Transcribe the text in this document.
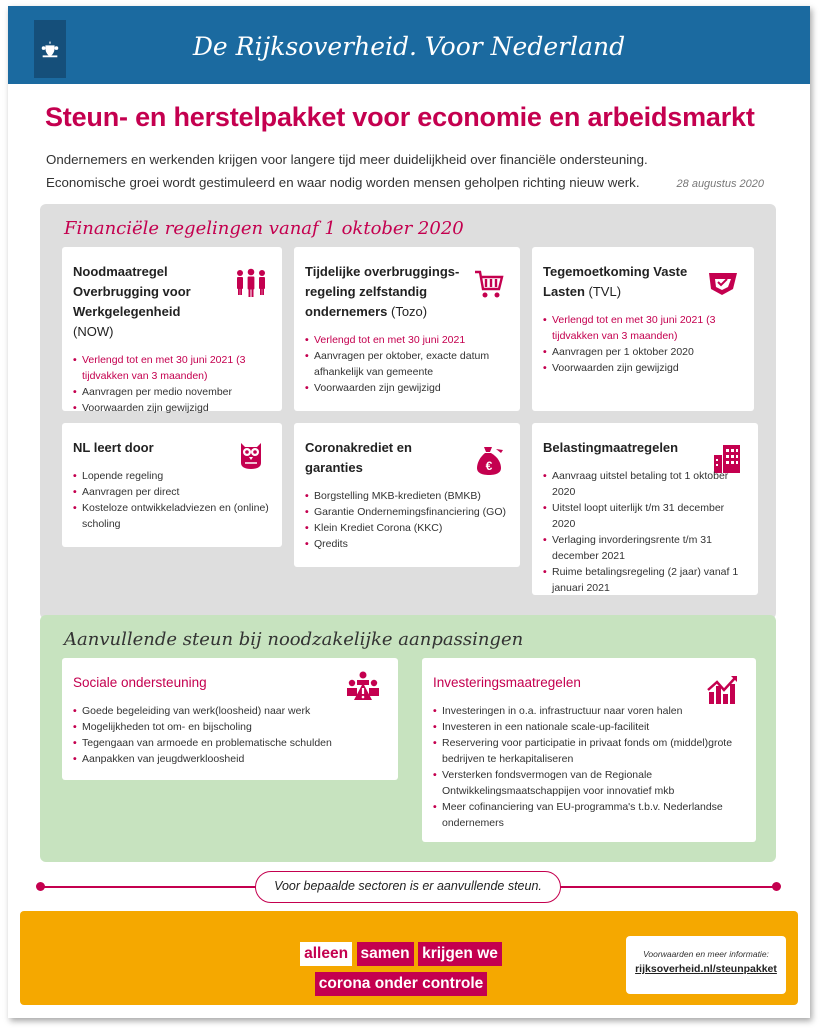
De Rijksoverheid. Voor Nederland
Steun- en herstelpakket voor economie en arbeidsmarkt
Ondernemers en werkenden krijgen voor langere tijd meer duidelijkheid over financiële ondersteuning.
Economische groei wordt gestimuleerd en waar nodig worden mensen geholpen richting nieuw werk.	28 augustus 2020
Financiële regelingen vanaf 1 oktober 2020
Noodmaatregel Overbrugging voor Werkgelegenheid (NOW)
• Verlengd tot en met 30 juni 2021 (3 tijdvakken van 3 maanden)
• Aanvragen per medio november
• Voorwaarden zijn gewijzigd
Tijdelijke overbruggings-regeling zelfstandig ondernemers (Tozo)
• Verlengd tot en met 30 juni 2021
• Aanvragen per oktober, exacte datum afhankelijk van gemeente
• Voorwaarden zijn gewijzigd
Tegemoetkoming Vaste Lasten (TVL)
• Verlengd tot en met 30 juni 2021 (3 tijdvakken van 3 maanden)
• Aanvragen per 1 oktober 2020
• Voorwaarden zijn gewijzigd
NL leert door
• Lopende regeling
• Aanvragen per direct
• Kosteloze ontwikkeladviezen en (online) scholing
Coronakrediet en garanties	€
• Borgstelling MKB-kredieten (BMKB)
• Garantie Ondernemingsfinanciering (GO)
• Klein Krediet Corona (KKC)
• Qredits
Belastingmaatregelen
• Aanvraag uitstel betaling tot 1 oktober 2020
• Uitstel loopt uiterlijk t/m 31 december 2020
• Verlaging invorderingsrente t/m 31 december 2021
• Ruime betalingsregeling (2 jaar) vanaf 1 januari 2021
Aanvullende steun bij noodzakelijke aanpassingen
Sociale ondersteuning
• Goede begeleiding van werk(loosheid) naar werk
• Mogelijkheden tot om- en bijscholing
• Tegengaan van armoede en problematische schulden
• Aanpakken van jeugdwerkloosheid
Investeringsmaatregelen
• Investeringen in o.a. infrastructuur naar voren halen
• Investeren in een nationale scale-up-faciliteit
• Reservering voor participatie in privaat fonds om (middel)grote bedrijven te herkapitaliseren
• Versterken fondsvermogen van de Regionale Ontwikkelingsmaatschappijen voor innovatief mkb
• Meer cofinanciering van EU-programma's t.b.v. Nederlandse ondernemers
Voor bepaalde sectoren is er aanvullende steun.
alleen samen krijgen we
corona onder controle
Voorwaarden en meer informatie:
rijksoverheid.nl/steunpakket
